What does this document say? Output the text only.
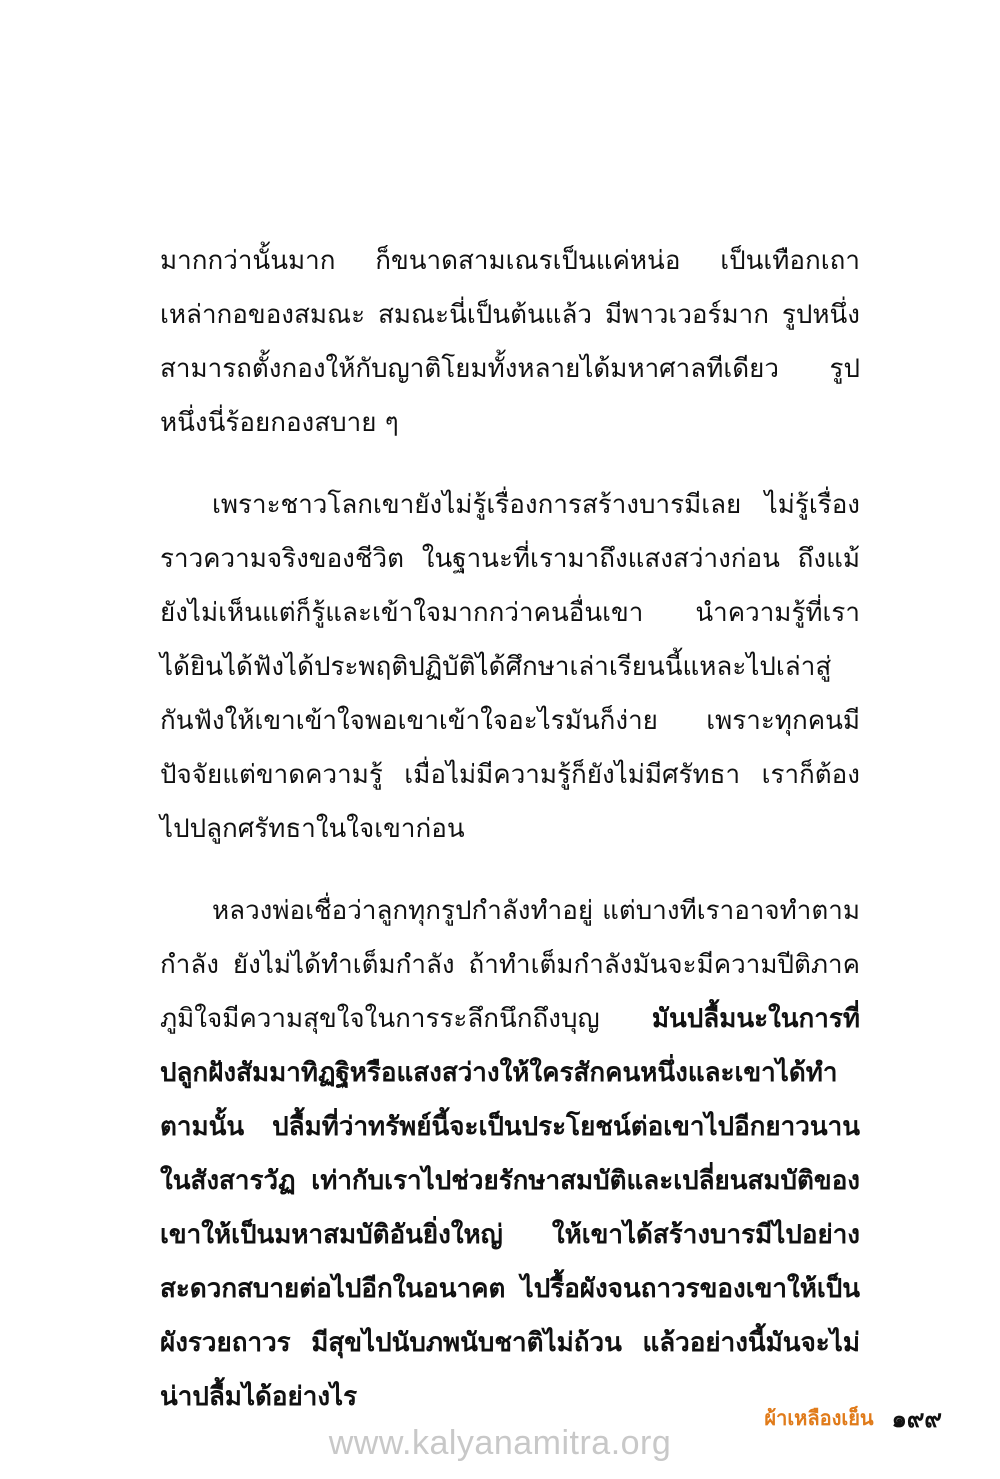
มากกว่านั้นมาก ก็ขนาดสามเณรเป็นแค่หน่อ เป็นเทือกเถาเหล่ากอของสมณะ สมณะนี่เป็นต้นแล้ว มีพาวเวอร์มาก รูปหนึ่งสามารถตั้งกองให้กับญาติโยมทั้งหลายได้มหาศาลทีเดียว รูปหนึ่งนี่ร้อยกองสบาย ๆ

เพราะชาวโลกเขายังไม่รู้เรื่องการสร้างบารมีเลย ไม่รู้เรื่องราวความจริงของชีวิต ในฐานะที่เรามาถึงแสงสว่างก่อน ถึงแม้ยังไม่เห็นแต่ก็รู้และเข้าใจมากกว่าคนอื่นเขา นำความรู้ที่เราได้ยินได้ฟังได้ประพฤติปฏิบัติได้ศึกษาเล่าเรียนนี้แหละไปเล่าสู่กันฟังให้เขาเข้าใจพอเขาเข้าใจอะไรมันก็ง่าย เพราะทุกคนมีปัจจัยแต่ขาดความรู้ เมื่อไม่มีความรู้ก็ยังไม่มีศรัทธา เราก็ต้องไปปลูกศรัทธาในใจเขาก่อน

หลวงพ่อเชื่อว่าลูกทุกรูปกำลังทำอยู่ แต่บางทีเราอาจทำตามกำลัง ยังไม่ได้ทำเต็มกำลัง ถ้าทำเต็มกำลังมันจะมีความปีติภาคภูมิใจมีความสุขใจในการระลึกนึกถึงบุญ มันปลื้มนะในการที่ปลูกฝังสัมมาทิฏฐิหรือแสงสว่างให้ใครสักคนหนึ่งและเขาได้ทำตามนั้น ปลื้มที่ว่าทรัพย์นี้จะเป็นประโยชน์ต่อเขาไปอีกยาวนานในสังสารวัฏ เท่ากับเราไปช่วยรักษาสมบัติและเปลี่ยนสมบัติของเขาให้เป็นมหาสมบัติอันยิ่งใหญ่ ให้เขาได้สร้างบารมีไปอย่างสะดวกสบายต่อไปอีกในอนาคต ไปรื้อผังจนถาวรของเขาให้เป็นผังรวยถาวร มีสุขไปนับภพนับชาติไม่ถ้วน แล้วอย่างนี้มันจะไม่น่าปลื้มได้อย่างไร

ผ้าเหลืองเย็น ๑๙๙
www.kalyanamitra.org
